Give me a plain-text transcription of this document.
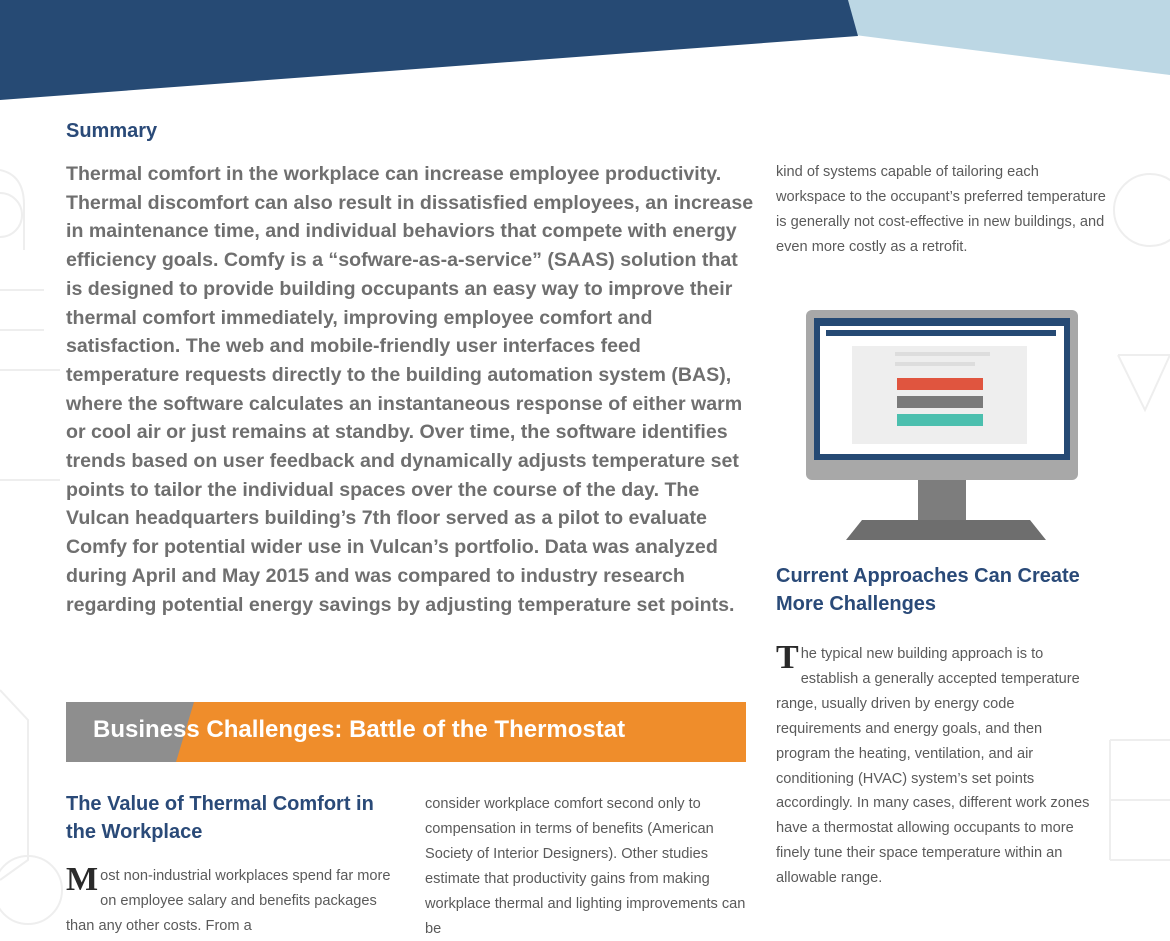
Summary

Thermal comfort in the workplace can increase employee productivity. Thermal discomfort can also result in dissatisfied employees, an increase in maintenance time, and individual behaviors that compete with energy efficiency goals. Comfy is a “sofware-as-a-service” (SAAS) solution that is designed to provide building occupants an easy way to improve their thermal comfort immediately, improving employee comfort and satisfaction. The web and mobile-friendly user interfaces feed temperature requests directly to the building automation system (BAS), where the software calculates an instantaneous response of either warm or cool air or just remains at standby. Over time, the software identifies trends based on user feedback and dynamically adjusts temperature set points to tailor the individual spaces over the course of the day. The Vulcan headquarters building’s 7th floor served as a pilot to evaluate Comfy for potential wider use in Vulcan’s portfolio. Data was analyzed during April and May 2015 and was compared to industry research regarding potential energy savings by adjusting temperature set points.

kind of systems capable of tailoring each workspace to the occupant’s preferred temperature is generally not cost-effective in new buildings, and even more costly as a retrofit.

Current Approaches Can Create More Challenges

The typical new building approach is to establish a generally accepted temperature range, usually driven by energy code requirements and energy goals, and then program the heating, ventilation, and air conditioning (HVAC) system’s set points accordingly. In many cases, different work zones have a thermostat allowing occupants to more finely tune their space temperature within an allowable range.

Business Challenges: Battle of the Thermostat
The Value of Thermal Comfort in the Workplace

Most non-industrial workplaces spend far more on employee salary and benefits packages than any other costs. From a

consider workplace comfort second only to compensation in terms of benefits (American Society of Interior Designers). Other studies estimate that productivity gains from making workplace thermal and lighting improvements can be
